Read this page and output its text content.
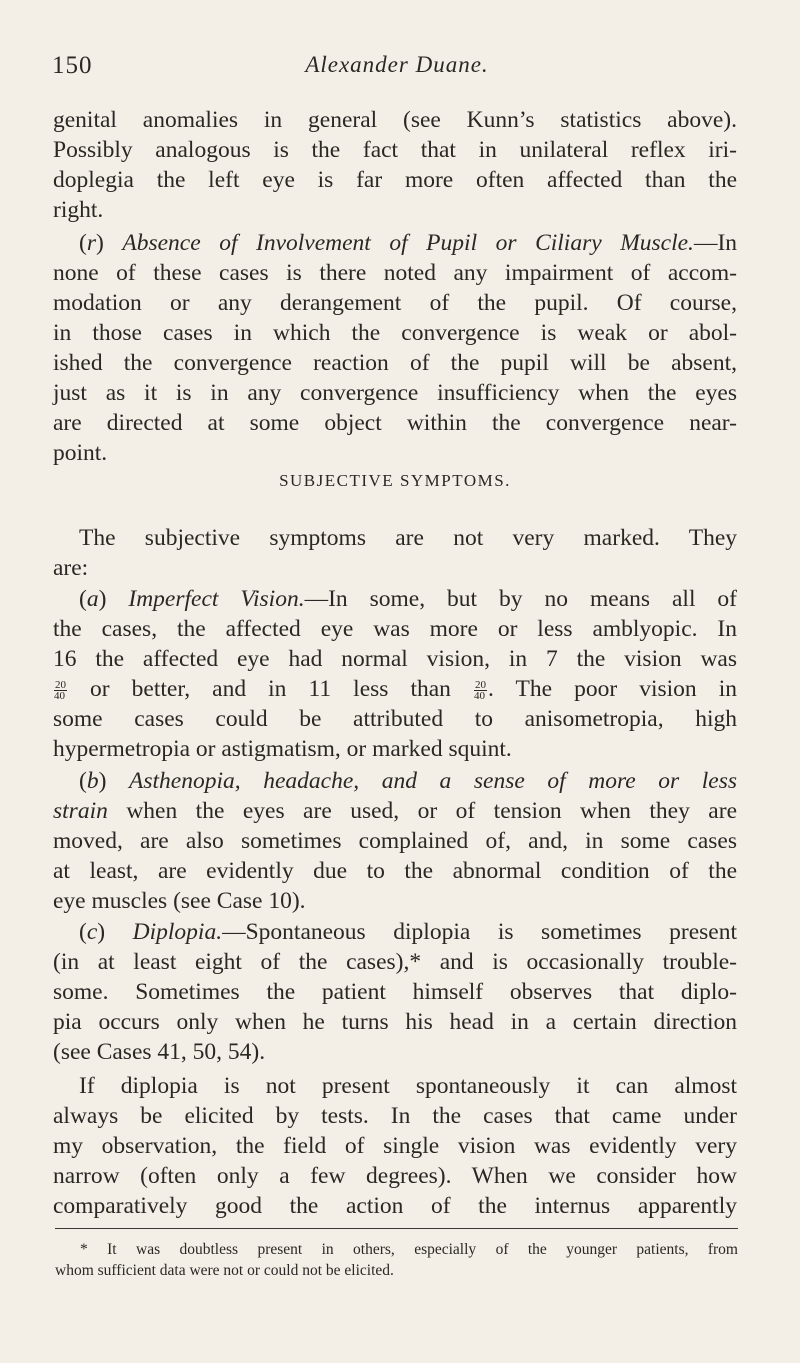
150	Alexander Duane.
genital anomalies in general (see Kunn’s statistics above).
Possibly analogous is the fact that in unilateral reflex iri-
doplegia the left eye is far more often affected than the
right.
(r) Absence of Involvement of Pupil or Ciliary Muscle.—In
none of these cases is there noted any impairment of accom-
modation or any derangement of the pupil. Of course,
in those cases in which the convergence is weak or abol-
ished the convergence reaction of the pupil will be absent,
just as it is in any convergence insufficiency when the eyes
are directed at some object within the convergence near-
point.
SUBJECTIVE SYMPTOMS.
The subjective symptoms are not very marked. They
are:
(a) Imperfect Vision.—In some, but by no means all of
the cases, the affected eye was more or less amblyopic. In
16 the affected eye had normal vision, in 7 the vision was
$\frac{20}{40}$ or better, and in 11 less than $\frac{20}{40}$ . The poor vision in
some cases could be attributed to anisometropia, high
hypermetropia or astigmatism, or marked squint.
(b) Asthenopia, headache, and a sense of more or less
strain when the eyes are used, or of tension when they are
moved, are also sometimes complained of, and, in some cases
at least, are evidently due to the abnormal condition of the
eye muscles (see Case 10).
(c) Diplopia.—Spontaneous diplopia is sometimes present
(in at least eight of the cases),* and is occasionally trouble-
some. Sometimes the patient himself observes that diplo-
pia occurs only when he turns his head in a certain direction
(see Cases 41, 50, 54).
If diplopia is not present spontaneously it can almost
always be elicited by tests. In the cases that came under
my observation, the field of single vision was evidently very
narrow (often only a few degrees). When we consider how
comparatively good the action of the internus apparently
* It was doubtless present in others, especially of the younger patients, from
whom sufficient data were not or could not be elicited.
